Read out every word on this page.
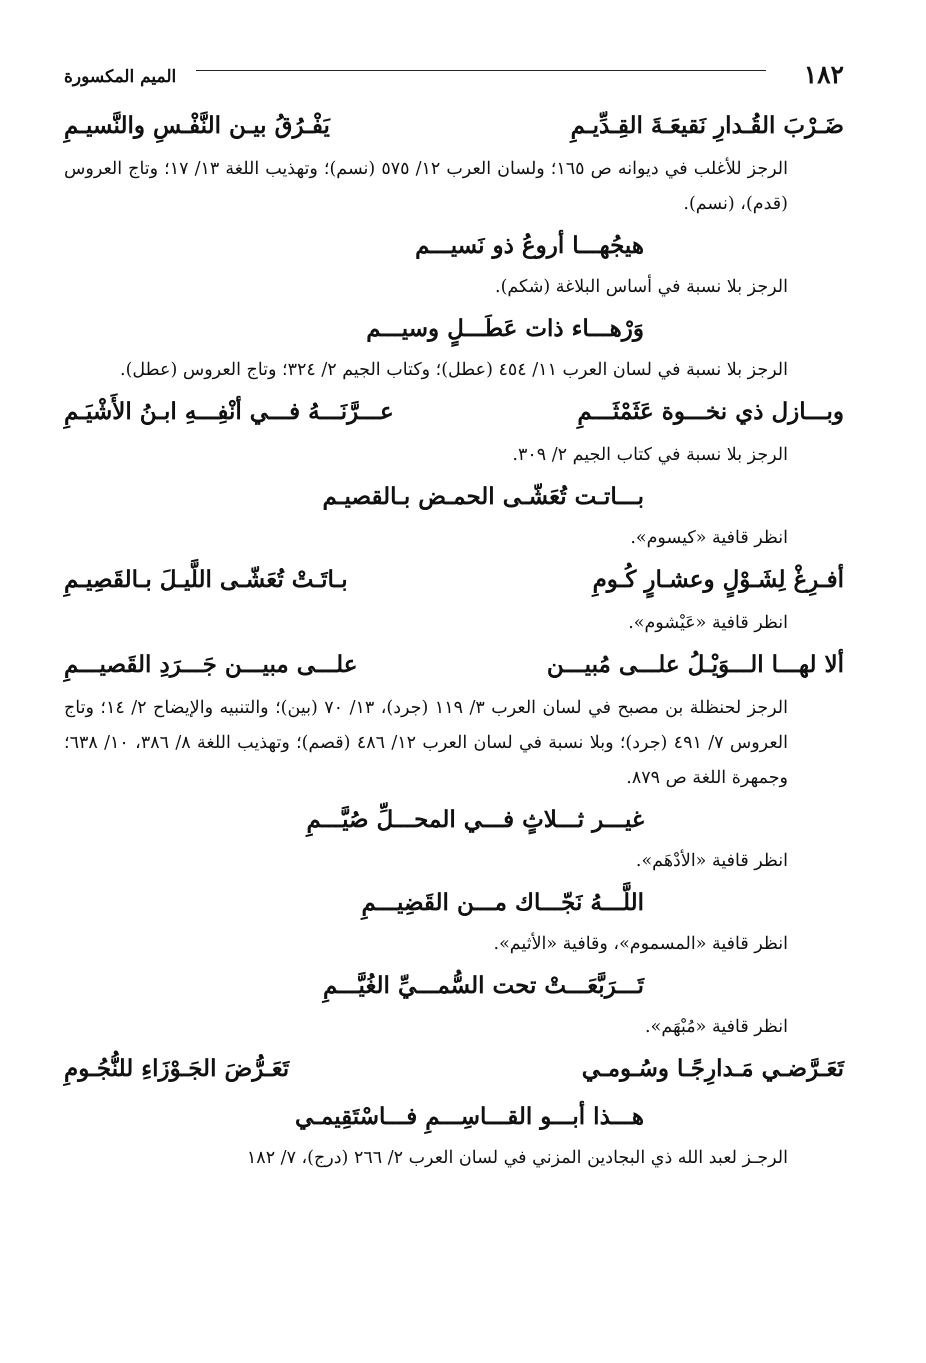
١٨٢
الميم المكسورة
ضَـرْبَ القُـدارِ نَقيعَـةَ القِـدِّيـمِ
يَفْـرُقُ بيـن النَّفْـسِ والنَّسيـمِ

الرجز للأغلب في ديوانه ص ١٦٥؛ ولسان العرب ١٢/ ٥٧٥ (نسم)؛ وتهذيب اللغة ١٣/ ١٧؛ وتاج العروس (قدم)، (نسم).

هيجُهـــا أروعُ ذو نَسيـــم

الرجز بلا نسبة في أساس البلاغة (شكم).

وَرْهـــاء ذات عَطَـــلٍ وسيـــم

الرجز بلا نسبة في لسان العرب ١١/ ٤٥٤ (عطل)؛ وكتاب الجيم ٢/ ٣٢٤؛ وتاج العروس (عطل).

وبـــازل ذي نخـــوة عَثَمْثَـــمِ
عـــرَّنَـــهُ فـــي أنْفِـــهِ ابـنُ الأَشْيَـمِ

الرجز بلا نسبة في كتاب الجيم ٢/ ٣٠٩.

بـــاتـت تُعَشّـى الحمـض بـالقصيـم

انظر قافية «كيسوم».

أفـرِغْ لِشَـوْلٍ وعشـارٍ كُـومِ
بـاتَـتْ تُعَشّـى اللَّيـلَ بـالقَصِيـمِ

انظر قافية «عَيْشوم».

ألا لهـــا الـــوَيْـلُ علـــى مُبيـــن
علـــى مبيـــن جَـــرَدِ القَصيـــمِ

الرجز لحنظلة بن مصبح في لسان العرب ٣/ ١١٩ (جرد)، ١٣/ ٧٠ (بين)؛ والتنبيه والإيضاح ٢/ ١٤؛ وتاج العروس ٧/ ٤٩١ (جرد)؛ وبلا نسبة في لسان العرب ١٢/ ٤٨٦ (قصم)؛ وتهذيب اللغة ٨/ ٣٨٦، ١٠/ ٦٣٨؛ وجمهرة اللغة ص ٨٧٩.

غيـــر ثـــلاثٍ فـــي المحـــلِّ صُيَّـــمِ

انظر قافية «الأدْهَم».

اللَّـــهُ نَجّـــاك مـــن القَضِيـــمِ

انظر قافية «المسموم»، وقافية «الأثيم».

تَـــرَبَّعَـــتْ تحت السُّمـــيِّ الغُيَّـــمِ

انظر قافية «مُبْهَم».

تَعَـرَّضـي مَـدارِجًـا وسُـومـي
تَعَـرُّضَ الجَـوْزَاءِ للنُّجُـومِ
هـــذا أبـــو القـــاسِـــمِ فـــاسْتَقِيمـي

الرجـز لعبد الله ذي البجادين المزني في لسان العرب ٢/ ٢٦٦ (درج)، ٧/ ١٨٢
